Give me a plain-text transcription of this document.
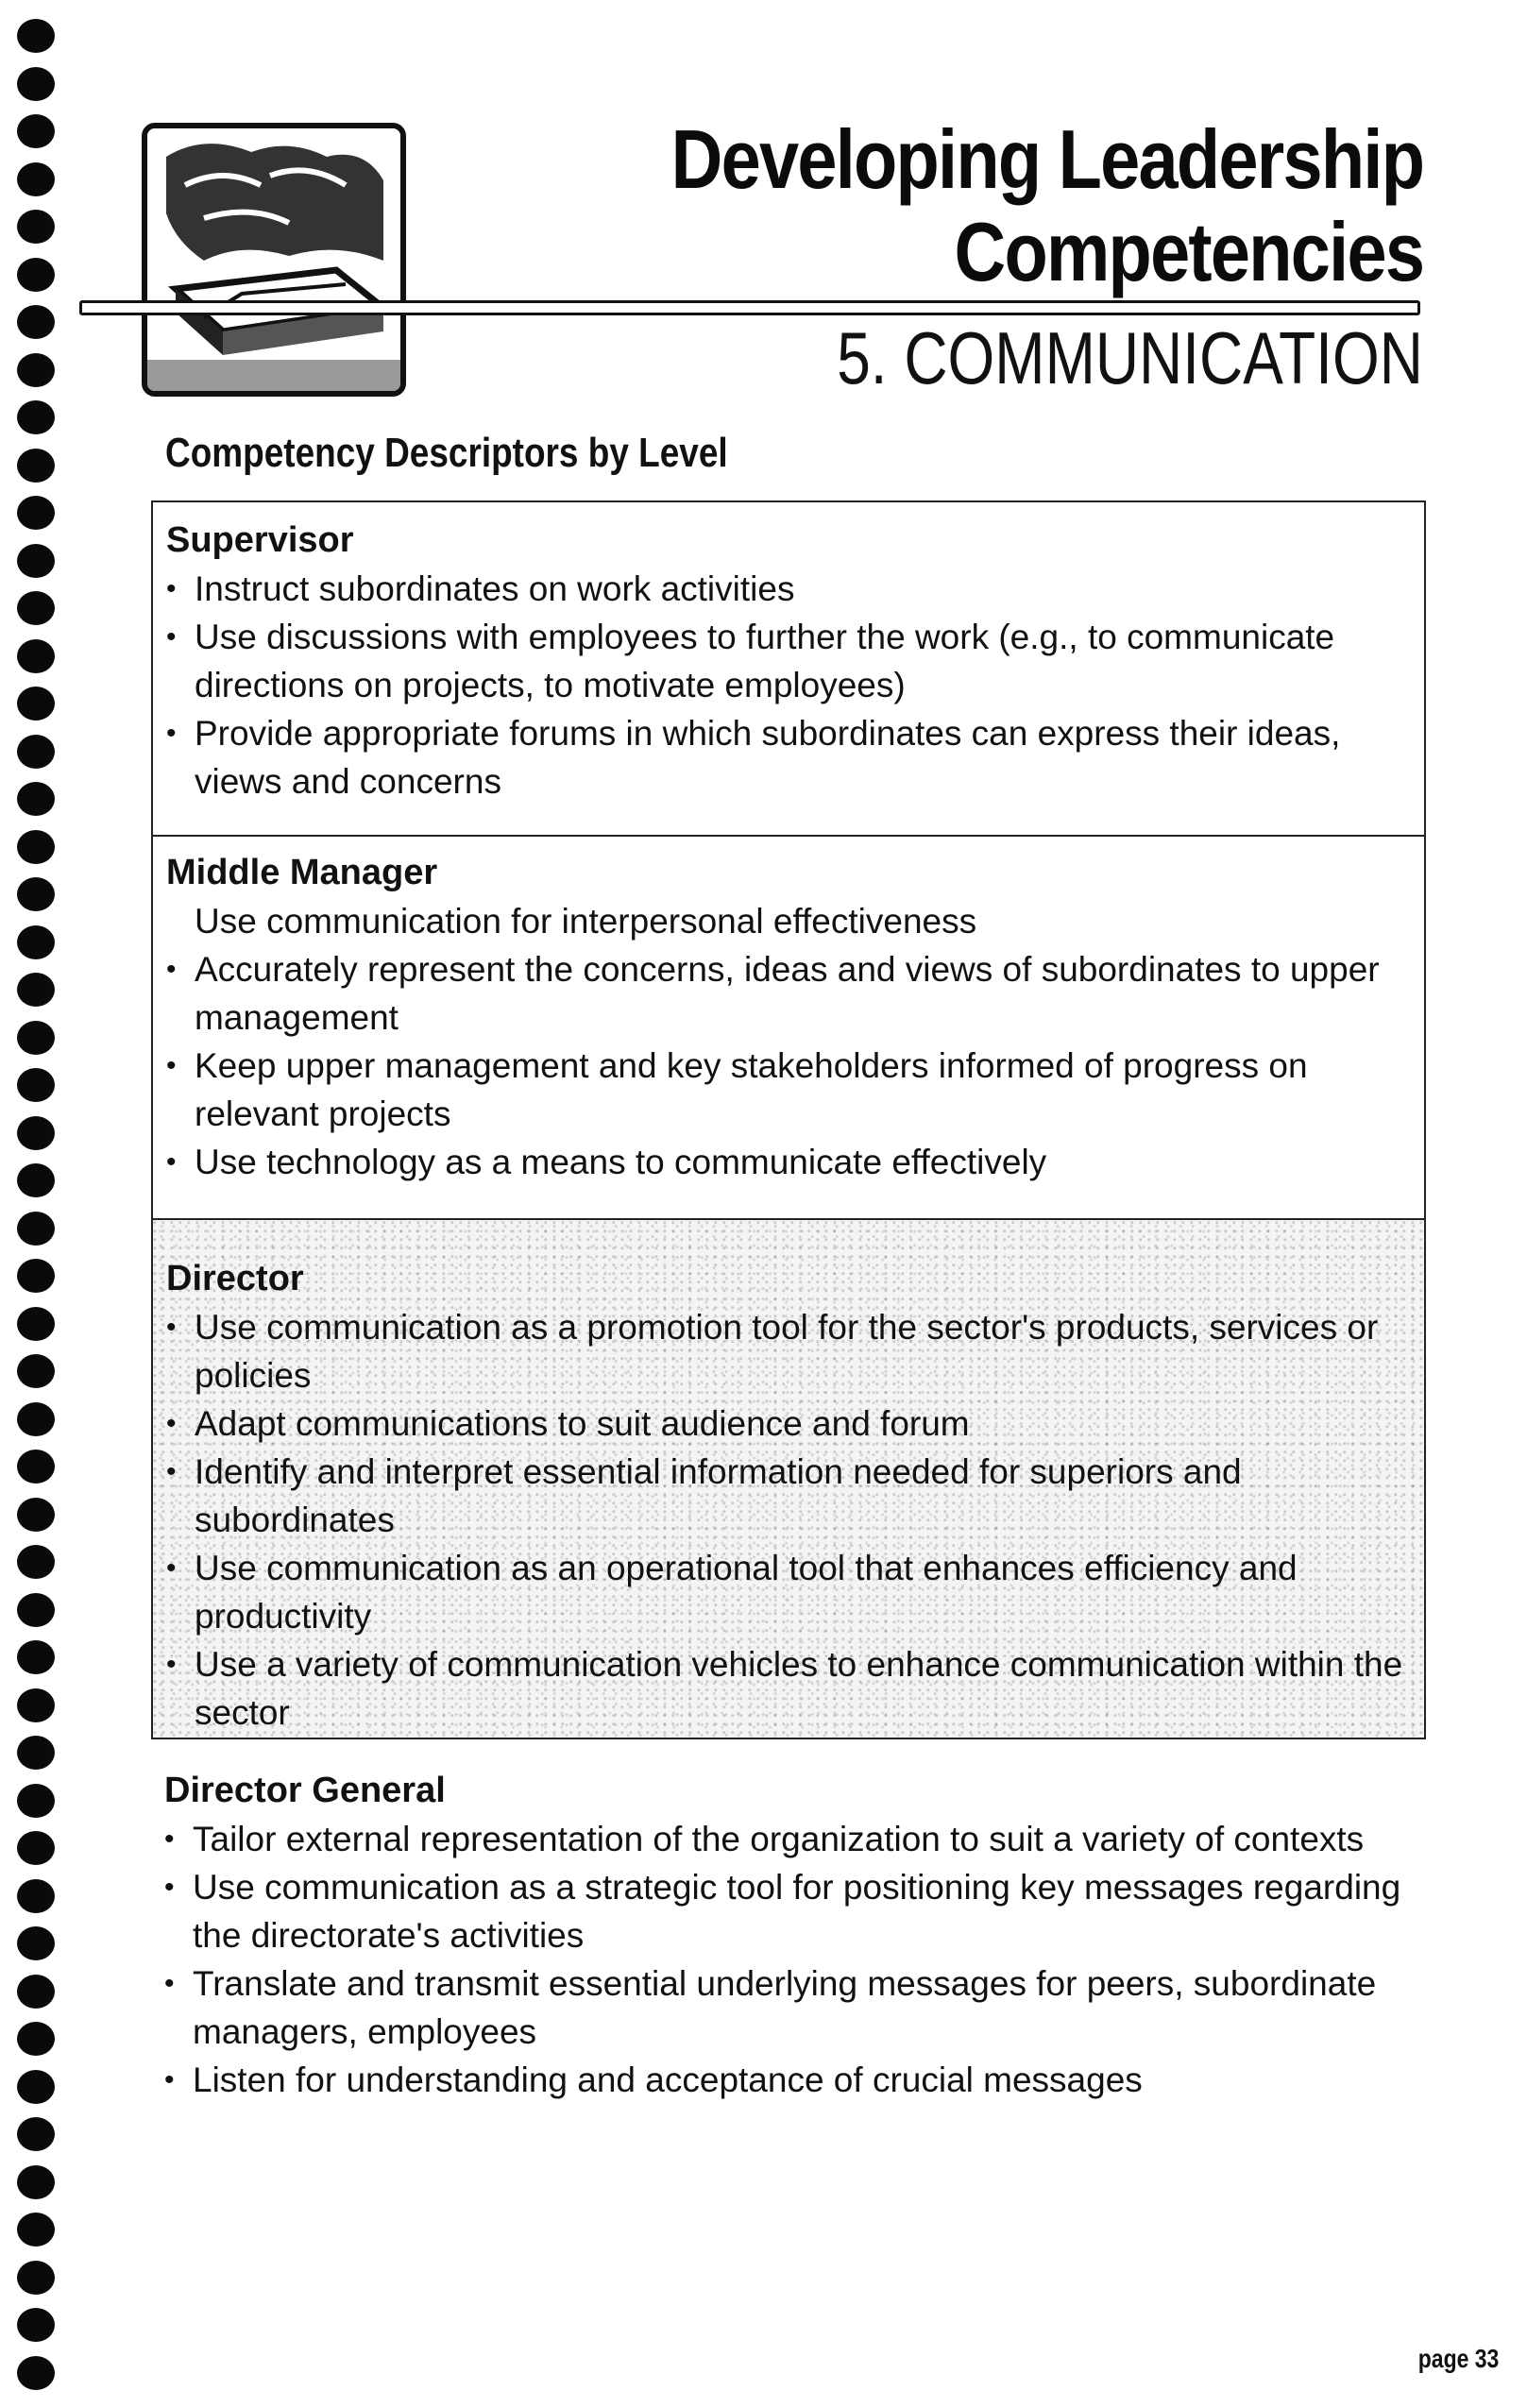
Developing Leadership
Competencies
5. COMMUNICATION
Competency Descriptors by Level
Supervisor
• Instruct subordinates on work activities
• Use discussions with employees to further the work (e.g., to communicate directions on projects, to motivate employees)
• Provide appropriate forums in which subordinates can express their ideas, views and concerns
Middle Manager
Use communication for interpersonal effectiveness
• Accurately represent the concerns, ideas and views of subordinates to upper management
• Keep upper management and key stakeholders informed of progress on relevant projects
• Use technology as a means to communicate effectively
Director
• Use communication as a promotion tool for the sector's products, services or policies
• Adapt communications to suit audience and forum
• Identify and interpret essential information needed for superiors and subordinates
• Use communication as an operational tool that enhances efficiency and productivity
• Use a variety of communication vehicles to enhance communication within the sector
Director General
• Tailor external representation of the organization to suit a variety of contexts
• Use communication as a strategic tool for positioning key messages regarding the directorate's activities
• Translate and transmit essential underlying messages for peers, subordinate managers, employees
• Listen for understanding and acceptance of crucial messages
page 33
